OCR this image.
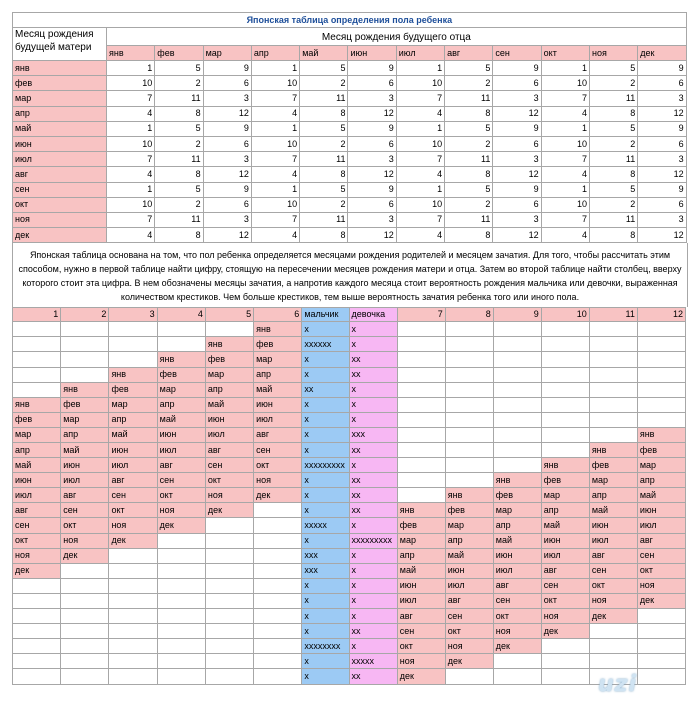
Японская таблица определения пола ребенка												
Месяц рождения будущей матери	Месяц рождения будущего отца											
	янв	фев	мар	апр	май	июн	июл	авг	сен	окт	ноя	дек
янв	1	5	9	1	5	9	1	5	9	1	5	9
фев	10	2	6	10	2	6	10	2	6	10	2	6
мар	7	11	3	7	11	3	7	11	3	7	11	3
апр	4	8	12	4	8	12	4	8	12	4	8	12
май	1	5	9	1	5	9	1	5	9	1	5	9
июн	10	2	6	10	2	6	10	2	6	10	2	6
июл	7	11	3	7	11	3	7	11	3	7	11	3
авг	4	8	12	4	8	12	4	8	12	4	8	12
сен	1	5	9	1	5	9	1	5	9	1	5	9
окт	10	2	6	10	2	6	10	2	6	10	2	6
ноя	7	11	3	7	11	3	7	11	3	7	11	3
дек	4	8	12	4	8	12	4	8	12	4	8	12
Японская таблица основана на том, что пол ребенка определяется месяцами рождения родителей и месяцем зачатия. Для того, чтобы рассчитать этим способом, нужно в первой таблице найти цифру, стоящую на пересечении месяцев рождения матери и отца. Затем во второй таблице найти столбец, вверху которого стоит эта цифра. В нем обозначены месяцы зачатия, а напротив каждого месяца стоит вероятность рождения мальчика или девочки, выраженная количеством крестиков. Чем больше крестиков, тем выше вероятность зачатия ребенка того или иного пола.
1	2	3	4	5	6	мальчик	девочка	7	8	9	10	11	12
					янв	x	x						
				янв	фев	xxxxxx	x						
			янв	фев	мар	x	xx						
		янв	фев	мар	апр	x	xx						
	янв	фев	мар	апр	май	xx	x						
янв	фев	мар	апр	май	июн	x	x						
фев	мар	апр	май	июн	июл	x	x						
мар	апр	май	июн	июл	авг	x	xxx						янв
апр	май	июн	июл	авг	сен	x	xx					янв	фев
май	июн	июл	авг	сен	окт	xxxxxxxxx	x				янв	фев	мар
июн	июл	авг	сен	окт	ноя	x	xx			янв	фев	мар	апр
июл	авг	сен	окт	ноя	дек	x	xx		янв	фев	мар	апр	май
авг	сен	окт	ноя	дек		x	xx	янв	фев	мар	апр	май	июн
сен	окт	ноя	дек			xxxxx	x	фев	мар	апр	май	июн	июл
окт	ноя	дек				x	xxxxxxxxx	мар	апр	май	июн	июл	авг
ноя	дек					xxx	x	апр	май	июн	июл	авг	сен
дек						xxx	x	май	июн	июл	авг	сен	окт
						x	x	июн	июл	авг	сен	окт	ноя
						x	x	июл	авг	сен	окт	ноя	дек
						x	x	авг	сен	окт	ноя	дек	
						x	xx	сен	окт	ноя	дек		
						xxxxxxxx	x	окт	ноя	дек			
						x	xxxxx	ноя	дек				
						x	xx	дек						uzi
